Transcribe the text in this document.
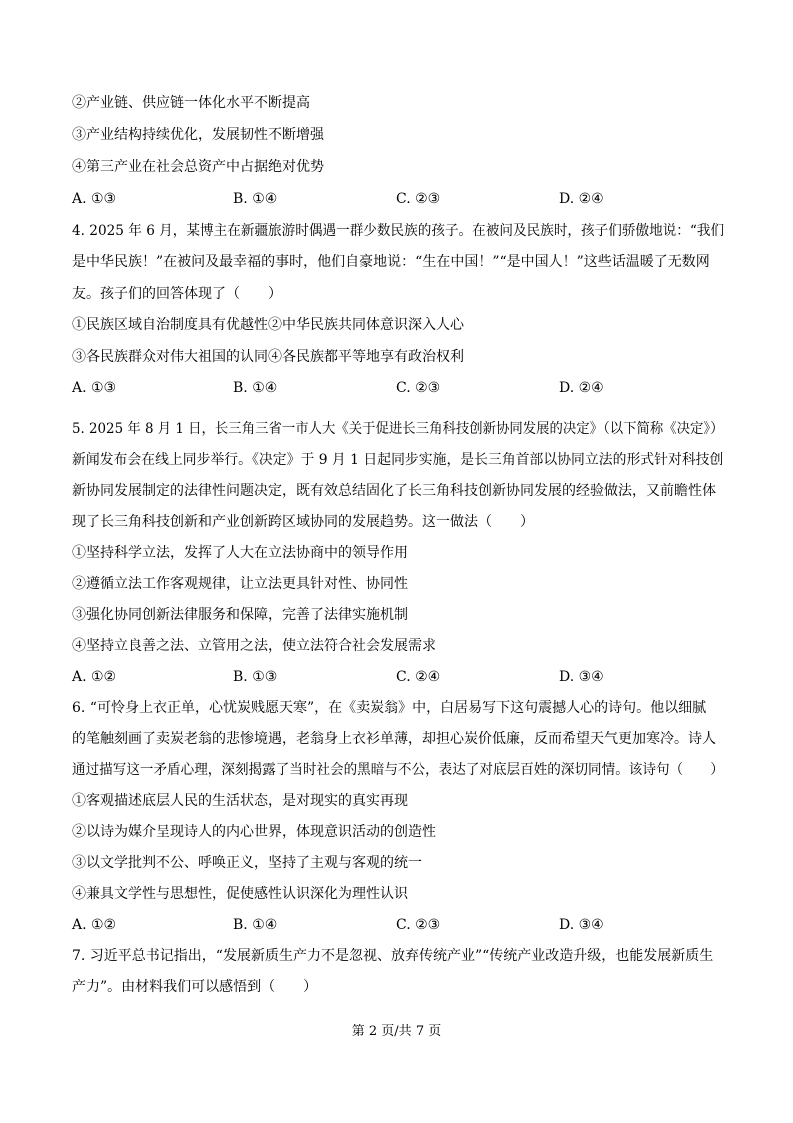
②产业链、供应链一体化水平不断提高
③产业结构持续优化，发展韧性不断增强
④第三产业在社会总资产中占据绝对优势
A. ①③	B. ①④	C. ②③	D. ②④
4. 2025 年 6 月，某博主在新疆旅游时偶遇一群少数民族的孩子。在被问及民族时，孩子们骄傲地说：“我们
是中华民族！”在被问及最幸福的事时，他们自豪地说：“生在中国！”“是中国人！”这些话温暖了无数网
友。孩子们的回答体现了（　　）
①民族区域自治制度具有优越性②中华民族共同体意识深入人心
③各民族群众对伟大祖国的认同④各民族都平等地享有政治权利
A. ①③	B. ①④	C. ②③	D. ②④
5. 2025 年 8 月 1 日，长三角三省一市人大《关于促进长三角科技创新协同发展的决定》（以下简称《决定》）
新闻发布会在线上同步举行。《决定》于 9 月 1 日起同步实施，是长三角首部以协同立法的形式针对科技创
新协同发展制定的法律性问题决定，既有效总结固化了长三角科技创新协同发展的经验做法，又前瞻性体
现了长三角科技创新和产业创新跨区域协同的发展趋势。这一做法（　　）
①坚持科学立法，发挥了人大在立法协商中的领导作用
②遵循立法工作客观规律，让立法更具针对性、协同性
③强化协同创新法律服务和保障，完善了法律实施机制
④坚持立良善之法、立管用之法，使立法符合社会发展需求
A. ①②	B. ①③	C. ②④	D. ③④
6. “可怜身上衣正单，心忧炭贱愿天寒”，在《卖炭翁》中，白居易写下这句震撼人心的诗句。他以细腻
的笔触刻画了卖炭老翁的悲惨境遇，老翁身上衣衫单薄，却担心炭价低廉，反而希望天气更加寒冷。诗人
通过描写这一矛盾心理，深刻揭露了当时社会的黑暗与不公，表达了对底层百姓的深切同情。该诗句（　　）
①客观描述底层人民的生活状态，是对现实的真实再现
②以诗为媒介呈现诗人的内心世界，体现意识活动的创造性
③以文学批判不公、呼唤正义，坚持了主观与客观的统一
④兼具文学性与思想性，促使感性认识深化为理性认识
A. ①②	B. ①④	C. ②③	D. ③④
7. 习近平总书记指出，“发展新质生产力不是忽视、放弃传统产业”“传统产业改造升级，也能发展新质生
产力”。由材料我们可以感悟到（　　）
第 2 页/共 7 页
